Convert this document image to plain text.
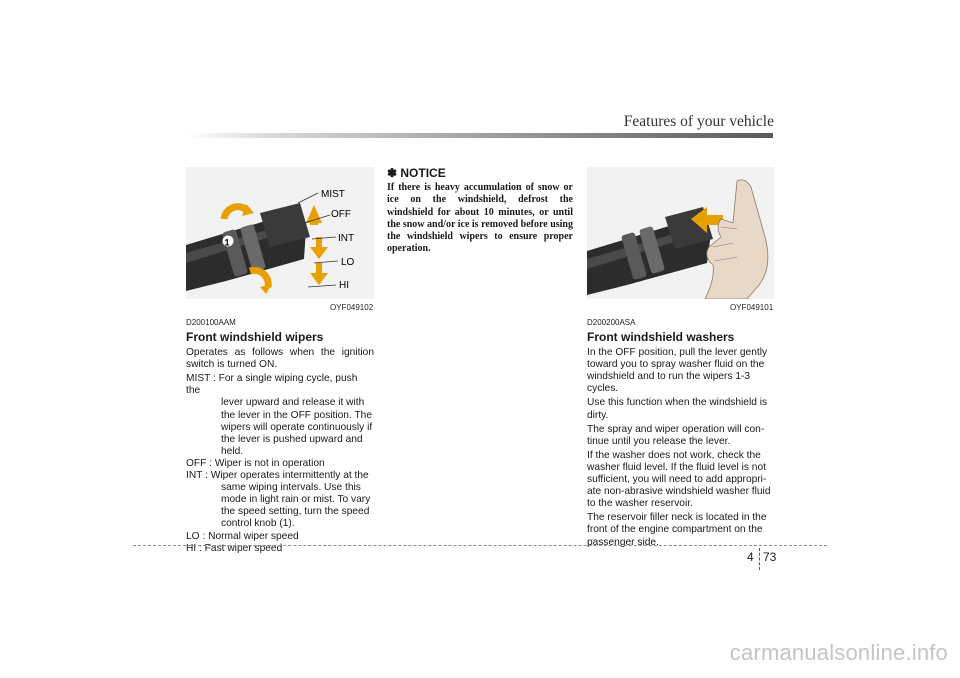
Features of your vehicle
1
MIST
OFF
INT
LO
HI
OYF049102	OYF049101
D200100AAM
Front windshield wipers
Operates as follows when the ignition switch is turned ON.
MIST : For a single wiping cycle, push the
lever upward and release it with the lever in the OFF position. The wipers will operate continuously if the lever is pushed upward and held.
OFF : Wiper is not in operation
INT : Wiper operates intermittently at the
same wiping intervals. Use this mode in light rain or mist. To vary the speed setting, turn the speed control knob (1).
LO : Normal wiper speed
HI : Fast wiper speed
✽ NOTICE
If there is heavy accumulation of snow or ice on the windshield, defrost the windshield for about 10 minutes, or until the snow and/or ice is removed before using the windshield wipers to ensure proper operation.
D200200ASA
Front windshield washers
In the OFF position, pull the lever gently toward you to spray washer fluid on the windshield and to run the wipers 1-3 cycles.
Use this function when the windshield is dirty.
The spray and wiper operation will con-tinue until you release the lever.
If the washer does not work, check the washer fluid level. If the fluid level is not sufficient, you will need to add appropri-ate non-abrasive windshield washer fluid to the washer reservoir.
The reservoir filler neck is located in the front of the engine compartment on the passenger side.
4 73
carmanualsonline.info
